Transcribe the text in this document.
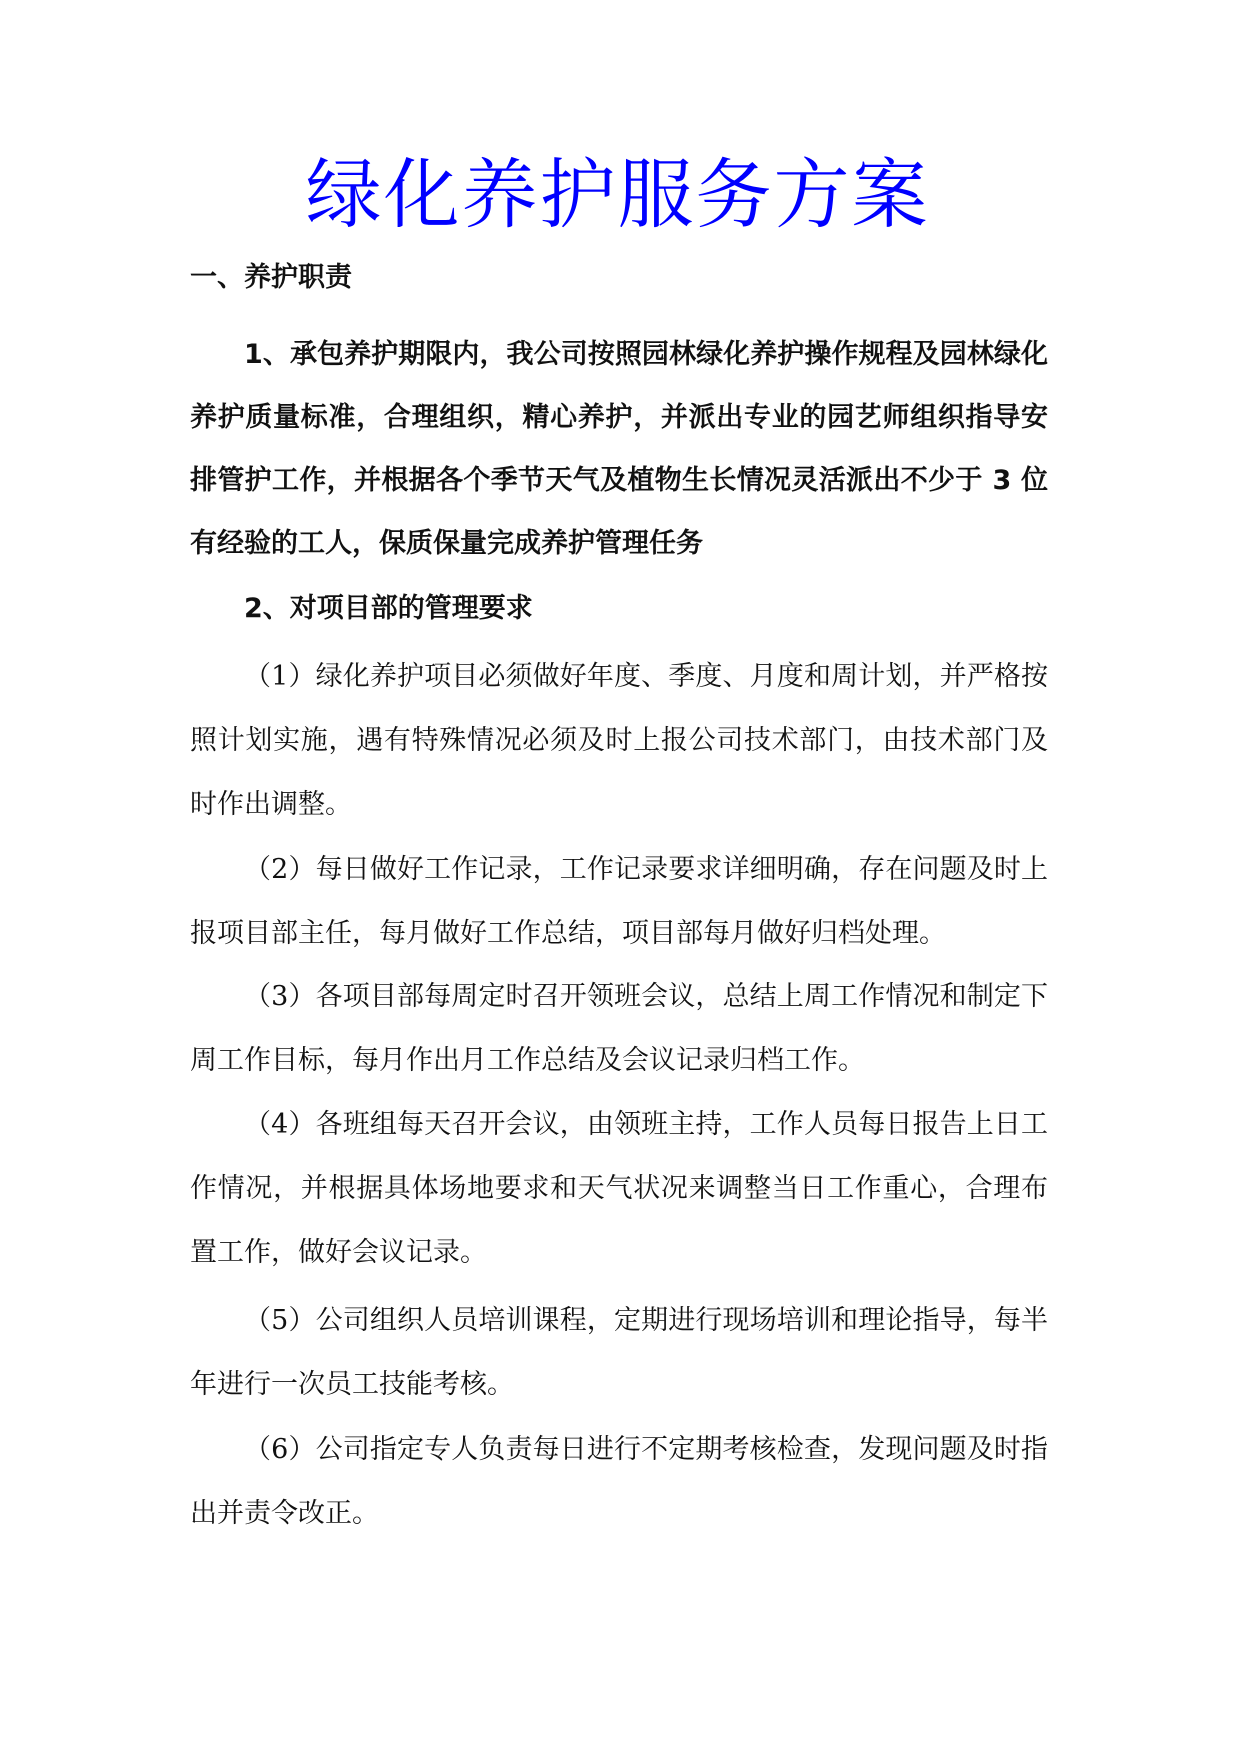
绿化养护服务方案

一、养护职责

1、承包养护期限内，我公司按照园林绿化养护操作规程及园林绿化养护质量标准，合理组织，精心养护，并派出专业的园艺师组织指导安排管护工作，并根据各个季节天气及植物生长情况灵活派出不少于 3 位有经验的工人，保质保量完成养护管理任务

2、对项目部的管理要求

（1）绿化养护项目必须做好年度、季度、月度和周计划，并严格按照计划实施，遇有特殊情况必须及时上报公司技术部门，由技术部门及时作出调整。

（2）每日做好工作记录，工作记录要求详细明确，存在问题及时上报项目部主任，每月做好工作总结，项目部每月做好归档处理。

（3）各项目部每周定时召开领班会议，总结上周工作情况和制定下周工作目标，每月作出月工作总结及会议记录归档工作。

（4）各班组每天召开会议，由领班主持，工作人员每日报告上日工作情况，并根据具体场地要求和天气状况来调整当日工作重心，合理布置工作，做好会议记录。

（5）公司组织人员培训课程，定期进行现场培训和理论指导，每半年进行一次员工技能考核。

（6）公司指定专人负责每日进行不定期考核检查，发现问题及时指出并责令改正。
